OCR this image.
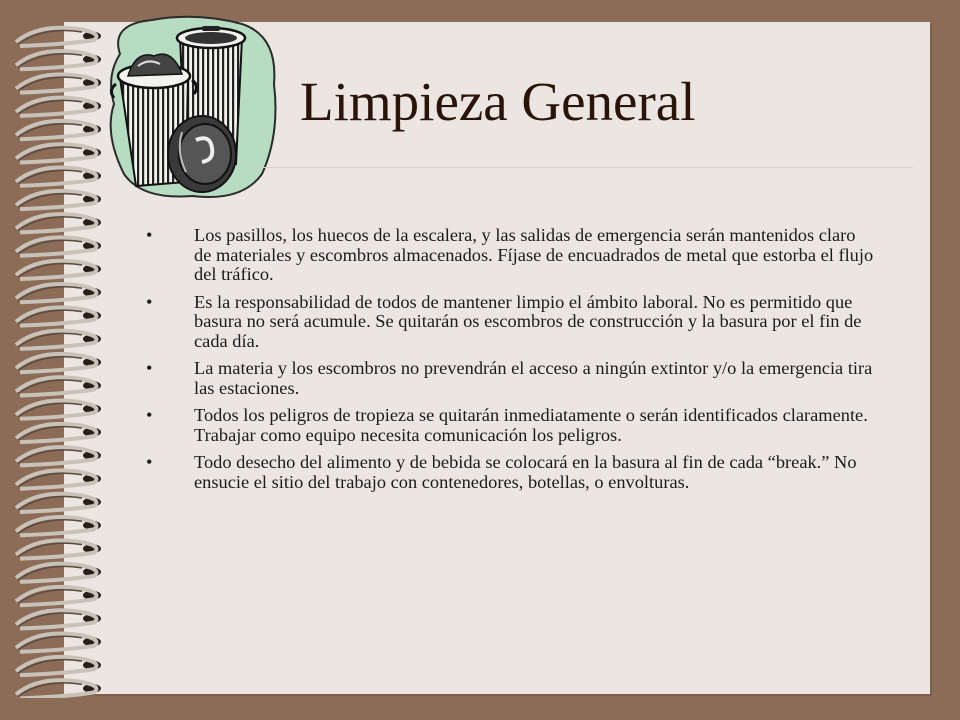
Limpieza General
• Los pasillos, los huecos de la escalera, y las salidas de emergencia serán mantenidos claro de materiales y escombros almacenados. Fíjase de encuadrados de metal que estorba el flujo del tráfico.
• Es la responsabilidad de todos de mantener limpio el ámbito laboral. No es permitido que basura no será acumule. Se quitarán os escombros de construcción y la basura por el fin de cada día.
• La materia y los escombros no prevendrán el acceso a ningún extintor y/o la emergencia tira las estaciones.
• Todos los peligros de tropieza se quitarán inmediatamente o serán identificados claramente. Trabajar como equipo necesita comunicación los peligros.
• Todo desecho del alimento y de bebida se colocará en la basura al fin de cada “break.” No ensucie el sitio del trabajo con contenedores, botellas, o envolturas.
